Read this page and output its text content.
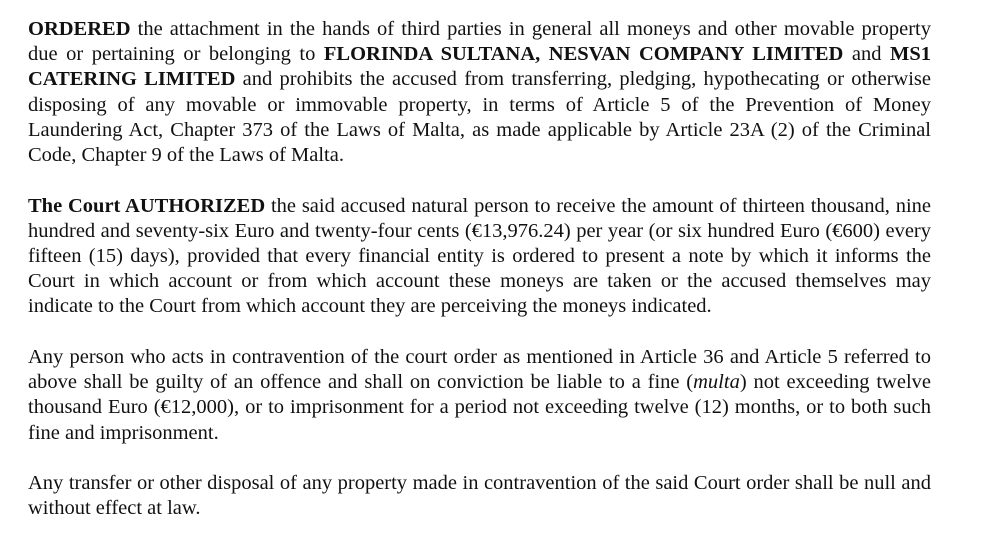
ORDERED the attachment in the hands of third parties in general all moneys and other movable property due or pertaining or belonging to FLORINDA SULTANA, NESVAN COMPANY LIMITED and MS1 CATERING LIMITED and prohibits the accused from transferring, pledging, hypothecating or otherwise disposing of any movable or immovable property, in terms of Article 5 of the Prevention of Money Laundering Act, Chapter 373 of the Laws of Malta, as made applicable by Article 23A (2) of the Criminal Code, Chapter 9 of the Laws of Malta.

The Court AUTHORIZED the said accused natural person to receive the amount of thirteen thousand, nine hundred and seventy-six Euro and twenty-four cents (€13,976.24) per year (or six hundred Euro (€600) every fifteen (15) days), provided that every financial entity is ordered to present a note by which it informs the Court in which account or from which account these moneys are taken or the accused themselves may indicate to the Court from which account they are perceiving the moneys indicated.

Any person who acts in contravention of the court order as mentioned in Article 36 and Article 5 referred to above shall be guilty of an offence and shall on conviction be liable to a fine (multa) not exceeding twelve thousand Euro (€12,000), or to imprisonment for a period not exceeding twelve (12) months, or to both such fine and imprisonment.

Any transfer or other disposal of any property made in contravention of the said Court order shall be null and without effect at law.
